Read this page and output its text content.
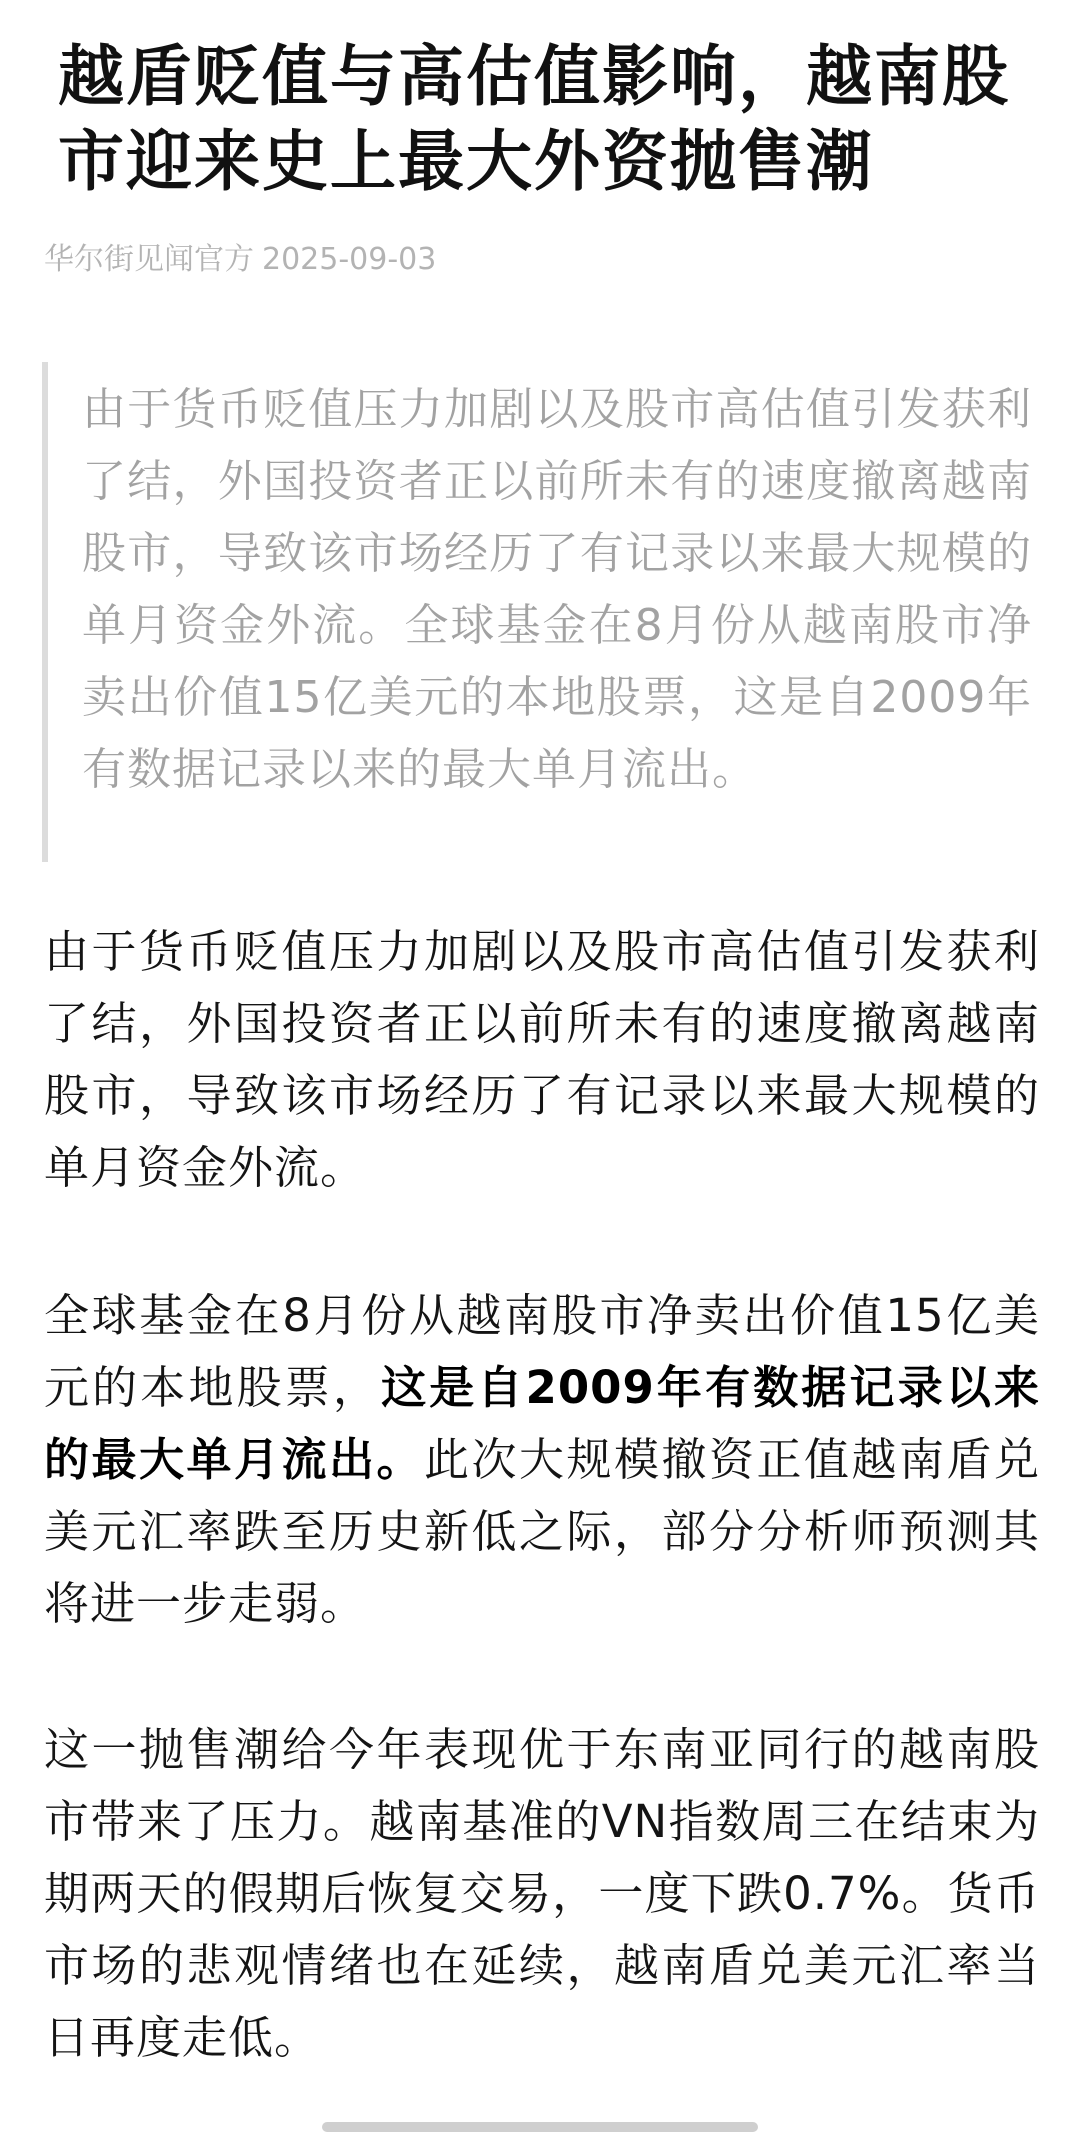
越盾贬值与高估值影响，越南股市迎来史上最大外资抛售潮
华尔街见闻官方 2025-09-03
由于货币贬值压力加剧以及股市高估值引发获利了结，外国投资者正以前所未有的速度撤离越南股市，导致该市场经历了有记录以来最大规模的单月资金外流。全球基金在8月份从越南股市净卖出价值15亿美元的本地股票，这是自2009年有数据记录以来的最大单月流出。

由于货币贬值压力加剧以及股市高估值引发获利了结，外国投资者正以前所未有的速度撤离越南股市，导致该市场经历了有记录以来最大规模的单月资金外流。

全球基金在8月份从越南股市净卖出价值15亿美元的本地股票，这是自2009年有数据记录以来的最大单月流出。此次大规模撤资正值越南盾兑美元汇率跌至历史新低之际，部分分析师预测其将进一步走弱。

这一抛售潮给今年表现优于东南亚同行的越南股市带来了压力。越南基准的VN指数周三在结束为期两天的假期后恢复交易，一度下跌0.7%。货币市场的悲观情绪也在延续，越南盾兑美元汇率当日再度走低。
